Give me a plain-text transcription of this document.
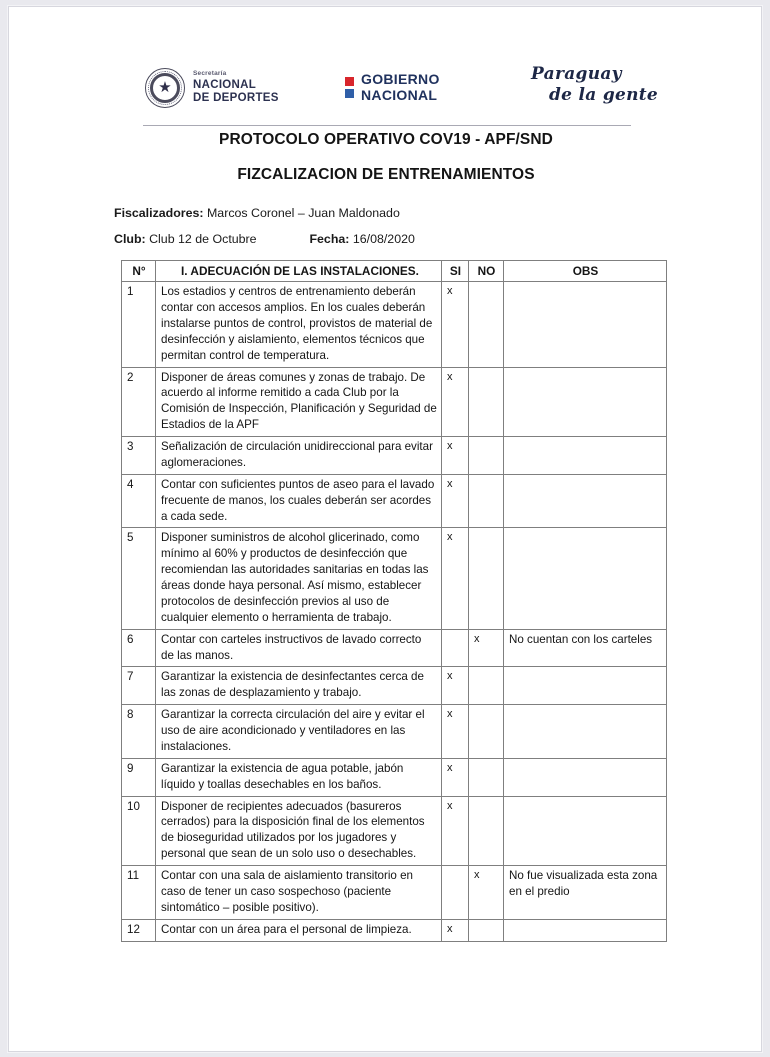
★
Secretaría
NACIONAL
DE DEPORTES
GOBIERNO
NACIONAL
Paraguay
de la gente
PROTOCOLO OPERATIVO COV19 - APF/SND
FIZCALIZACION DE ENTRENAMIENTOS
Fiscalizadores: Marcos Coronel – Juan Maldonado
Club: Club 12 de Octubre	Fecha: 16/08/2020
N°	I. ADECUACIÓN DE LAS INSTALACIONES.	SI	NO	OBS
1	Los estadios y centros de entrenamiento deberán contar con accesos amplios. En los cuales deberán instalarse puntos de control, provistos de material de desinfección y aislamiento, elementos técnicos que permitan control de temperatura.	x		
2	Disponer de áreas comunes y zonas de trabajo. De acuerdo al informe remitido a cada Club por la Comisión de Inspección, Planificación y Seguridad de Estadios de la APF	x		
3	Señalización de circulación unidireccional para evitar aglomeraciones.	x		
4	Contar con suficientes puntos de aseo para el lavado frecuente de manos, los cuales deberán ser acordes a cada sede.	x		
5	Disponer suministros de alcohol glicerinado, como mínimo al 60% y productos de desinfección que recomiendan las autoridades sanitarias en todas las áreas donde haya personal. Así mismo, establecer protocolos de desinfección previos al uso de cualquier elemento o herramienta de trabajo.	x		
6	Contar con carteles instructivos de lavado correcto de las manos.		x	No cuentan con los carteles
7	Garantizar la existencia de desinfectantes cerca de las zonas de desplazamiento y trabajo.	x		
8	Garantizar la correcta circulación del aire y evitar el uso de aire acondicionado y ventiladores en las instalaciones.	x		
9	Garantizar la existencia de agua potable, jabón líquido y toallas desechables en los baños.	x		
10	Disponer de recipientes adecuados (basureros cerrados) para la disposición final de los elementos de bioseguridad utilizados por los jugadores y personal que sean de un solo uso o desechables.	x		
11	Contar con una sala de aislamiento transitorio en caso de tener un caso sospechoso (paciente sintomático – posible positivo).		x	No fue visualizada esta zona en el predio
12	Contar con un área para el personal de limpieza.	x		
